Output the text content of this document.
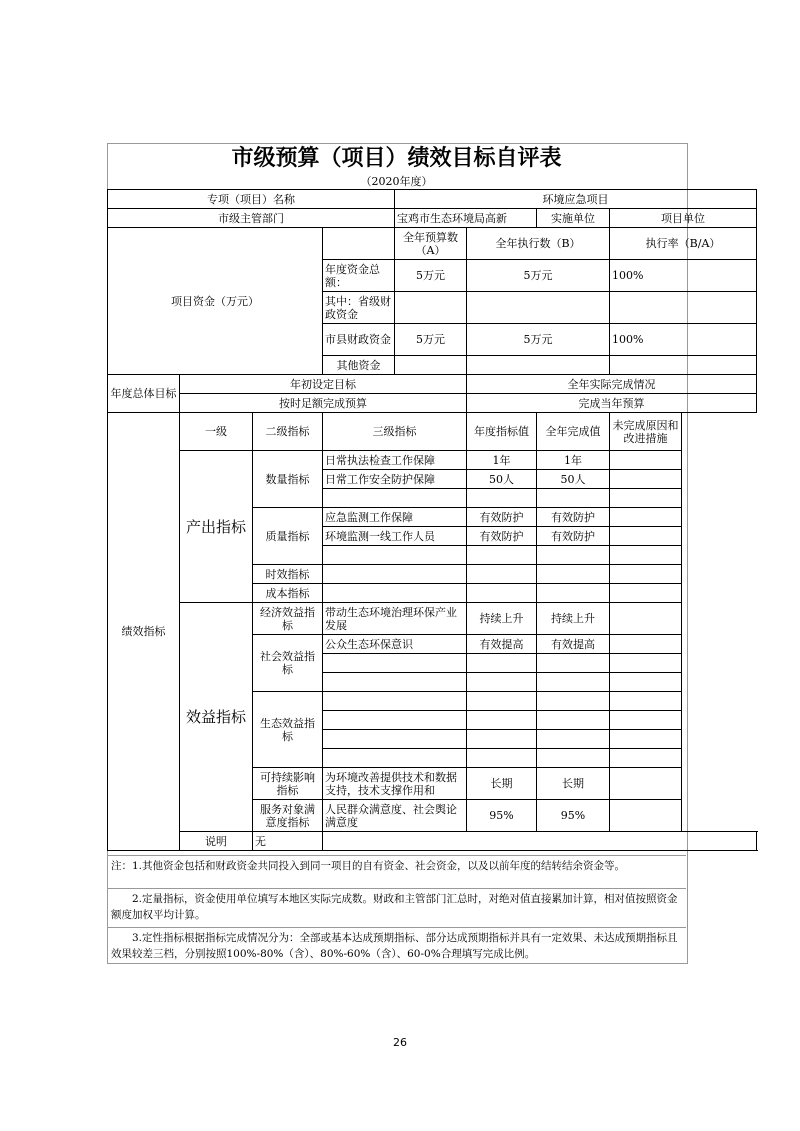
市级预算（项目）绩效目标自评表
（2020年度）
专项（项目）名称				环境应急项目			
市级主管部门				宝鸡市生态环境局高新		实施单位	项目单位
项目资金（万元）				全年预算数（A）	全年执行数（B）		执行率（B/A）
			年度资金总额：	5万元	5万元		100%
			其中：省级财政资金				
			市县财政资金	5万元	5万元		100%
			其他资金				
年度总体目标	年初设定目标				全年实际完成情况		
	按时足额完成预算				完成当年预算		
绩效指标	一级	二级指标	三级指标		年度指标值	全年完成值	未完成原因和改进措施
	产出指标	数量指标	日常执法检查工作保障		1年	1年	
			日常工作安全防护保障		50人	50人	

		质量指标	应急监测工作保障		有效防护	有效防护	
			环境监测一线工作人员		有效防护	有效防护	

		时效指标					
		成本指标					
	效益指标	经济效益指标	带动生态环境治理环保产业发展		持续上升	持续上升	
		社会效益指标	公众生态环保意识		有效提高	有效提高	

		生态效益指标					

		可持续影响指标	为环境改善提供技术和数据支持，技术支撑作用和		长期	长期	
		服务对象满意度指标	人民群众满意度、社会舆论满意度		95%	95%	
	说明	无					
注：1.其他资金包括和财政资金共同投入到同一项目的自有资金、社会资金，以及以前年度的结转结余资金等。
2.定量指标，资金使用单位填写本地区实际完成数。财政和主管部门汇总时，对绝对值直接累加计算，相对值按照资金额度加权平均计算。
3.定性指标根据指标完成情况分为：全部或基本达成预期指标、部分达成预期指标并具有一定效果、未达成预期指标且效果较差三档，分别按照100%-80%（含）、80%-60%（含）、60-0%合理填写完成比例。
26
